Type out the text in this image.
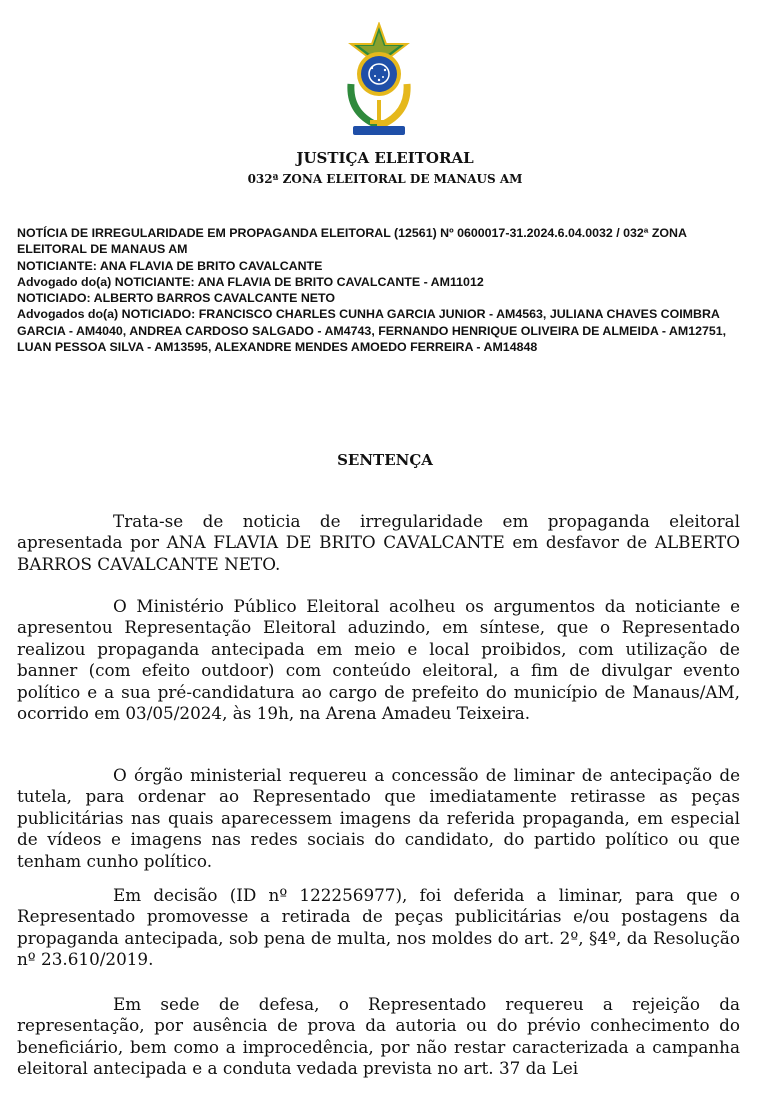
JUSTIÇA ELEITORAL
032ª ZONA ELEITORAL DE MANAUS AM
NOTÍCIA DE IRREGULARIDADE EM PROPAGANDA ELEITORAL (12561) Nº 0600017-31.2024.6.04.0032 / 032ª ZONA ELEITORAL DE MANAUS AM
NOTICIANTE: ANA FLAVIA DE BRITO CAVALCANTE
Advogado do(a) NOTICIANTE: ANA FLAVIA DE BRITO CAVALCANTE - AM11012
NOTICIADO: ALBERTO BARROS CAVALCANTE NETO
Advogados do(a) NOTICIADO: FRANCISCO CHARLES CUNHA GARCIA JUNIOR - AM4563, JULIANA CHAVES COIMBRA GARCIA - AM4040, ANDREA CARDOSO SALGADO - AM4743, FERNANDO HENRIQUE OLIVEIRA DE ALMEIDA - AM12751, LUAN PESSOA SILVA - AM13595, ALEXANDRE MENDES AMOEDO FERREIRA - AM14848
SENTENÇA

Trata-se de noticia de irregularidade em propaganda eleitoral apresentada por ANA FLAVIA DE BRITO CAVALCANTE em desfavor de ALBERTO BARROS CAVALCANTE NETO.

O Ministério Público Eleitoral acolheu os argumentos da noticiante e apresentou Representação Eleitoral aduzindo, em síntese, que o Representado realizou propaganda antecipada em meio e local proibidos, com utilização de banner (com efeito outdoor) com conteúdo eleitoral, a fim de divulgar evento político e a sua pré-candidatura ao cargo de prefeito do município de Manaus/AM, ocorrido em 03/05/2024, às 19h, na Arena Amadeu Teixeira.

O órgão ministerial requereu a concessão de liminar de antecipação de tutela, para ordenar ao Representado que imediatamente retirasse as peças publicitárias nas quais aparecessem imagens da referida propaganda, em especial de vídeos e imagens nas redes sociais do candidato, do partido político ou que tenham cunho político.

Em decisão (ID nº 122256977), foi deferida a liminar, para que o Representado promovesse a retirada de peças publicitárias e/ou postagens da propaganda antecipada, sob pena de multa, nos moldes do art. 2º, §4º, da Resolução nº 23.610/2019.

Em sede de defesa, o Representado requereu a rejeição da representação, por ausência de prova da autoria ou do prévio conhecimento do beneficiário, bem como a improcedência, por não restar caracterizada a campanha eleitoral antecipada e a conduta vedada prevista no art. 37 da Lei
